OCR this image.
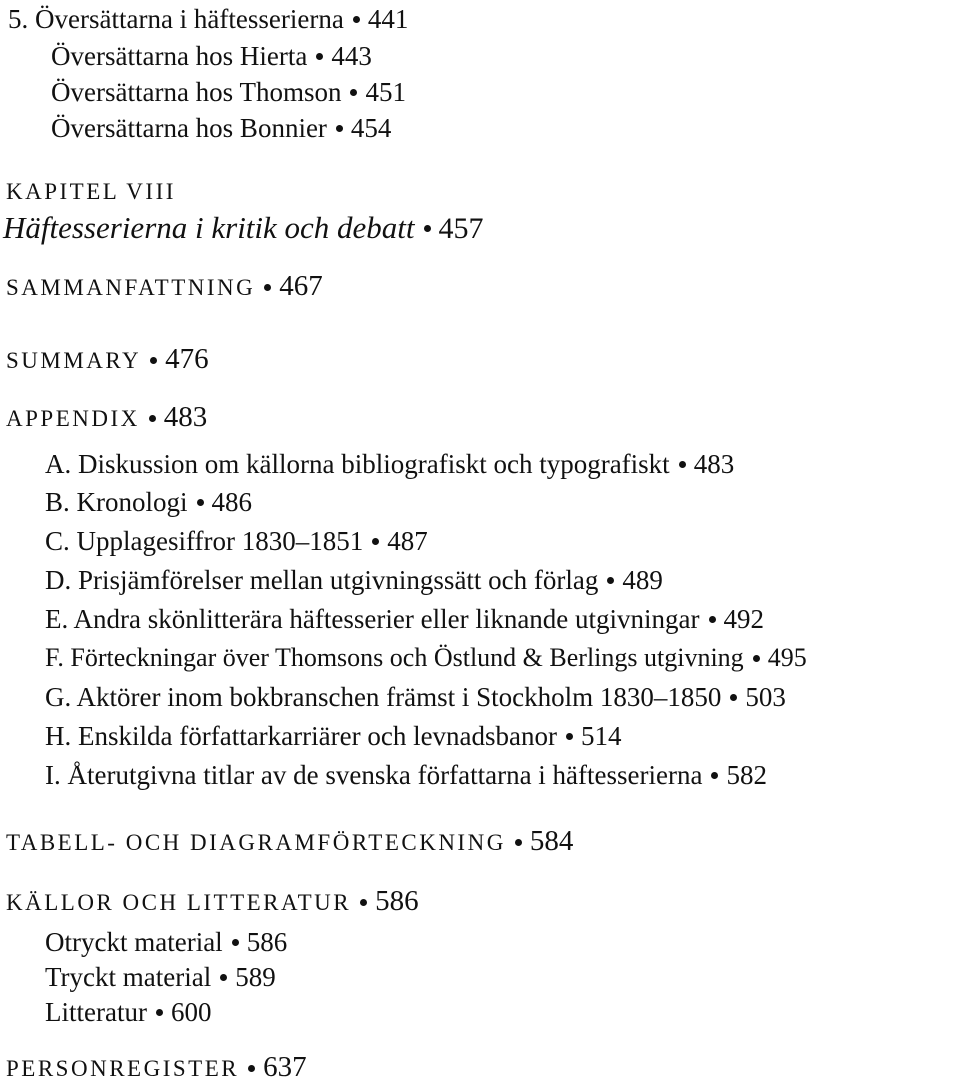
5. Översättarna i häftesserierna 441
Översättarna hos Hierta 443
Översättarna hos Thomson 451
Översättarna hos Bonnier 454
KAPITEL VIII
Häftesserierna i kritik och debatt 457
SAMMANFATTNING 467
SUMMARY 476
APPENDIX 483
A. Diskussion om källorna bibliografiskt och typografiskt 483
B. Kronologi 486
C. Upplagesiffror 1830–1851 487
D. Prisjämförelser mellan utgivningssätt och förlag 489
E. Andra skönlitterära häftesserier eller liknande utgivningar 492
F. Förteckningar över Thomsons och Östlund & Berlings utgivning 495
G. Aktörer inom bokbranschen främst i Stockholm 1830–1850 503
H. Enskilda författarkarriärer och levnadsbanor 514
I. Återutgivna titlar av de svenska författarna i häftesserierna 582
TABELL- OCH DIAGRAMFÖRTECKNING 584
KÄLLOR OCH LITTERATUR 586
Otryckt material 586
Tryckt material 589
Litteratur 600
PERSONREGISTER 637
